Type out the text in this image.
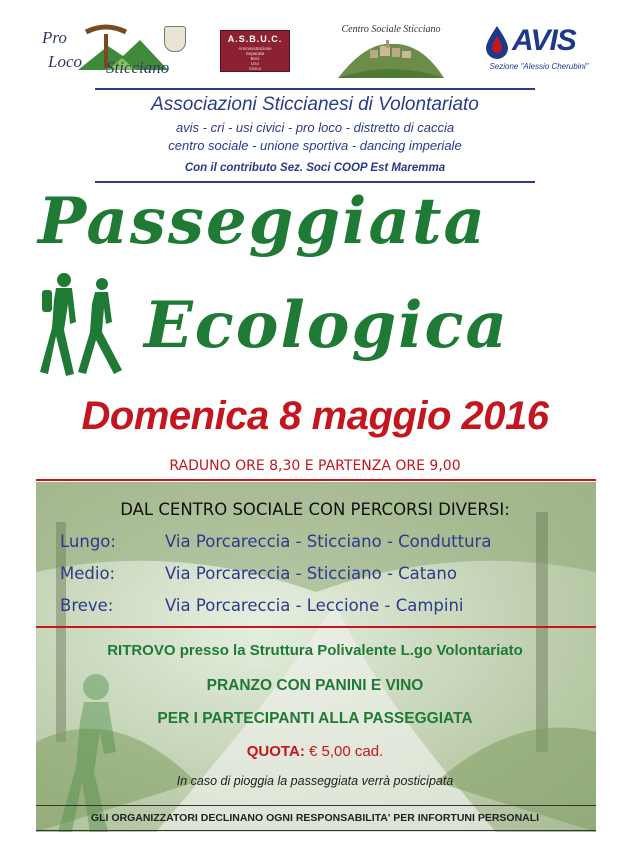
Pro
Loco Sticciano
A.S.B.U.C.
Amministrazione
Separata
Beni
Uso
Civico
Centro Sociale Sticciano AVIS
Sezione "Alessio Cherubini"
Associazioni Sticcianesi di Volontariato
avis - cri - usi civici - pro loco - distretto di caccia
centro sociale - unione sportiva - dancing imperiale
Con il contributo Sez. Soci COOP Est Maremma
Passeggiata
Ecologica
Domenica 8 maggio 2016
RADUNO ORE 8,30 E PARTENZA ORE 9,00
DAL CENTRO SOCIALE CON PERCORSI DIVERSI:
Lungo:	Via Porcareccia - Sticciano - Conduttura
Medio:	Via Porcareccia - Sticciano - Catano
Breve:	Via Porcareccia - Leccione - Campini
RITROVO presso la Struttura Polivalente L.go Volontariato
PRANZO CON PANINI E VINO
PER I PARTECIPANTI ALLA PASSEGGIATA
QUOTA: € 5,00 cad.
In caso di pioggia la passeggiata verrà posticipata
GLI ORGANIZZATORI DECLINANO OGNI RESPONSABILITA' PER INFORTUNI PERSONALI
